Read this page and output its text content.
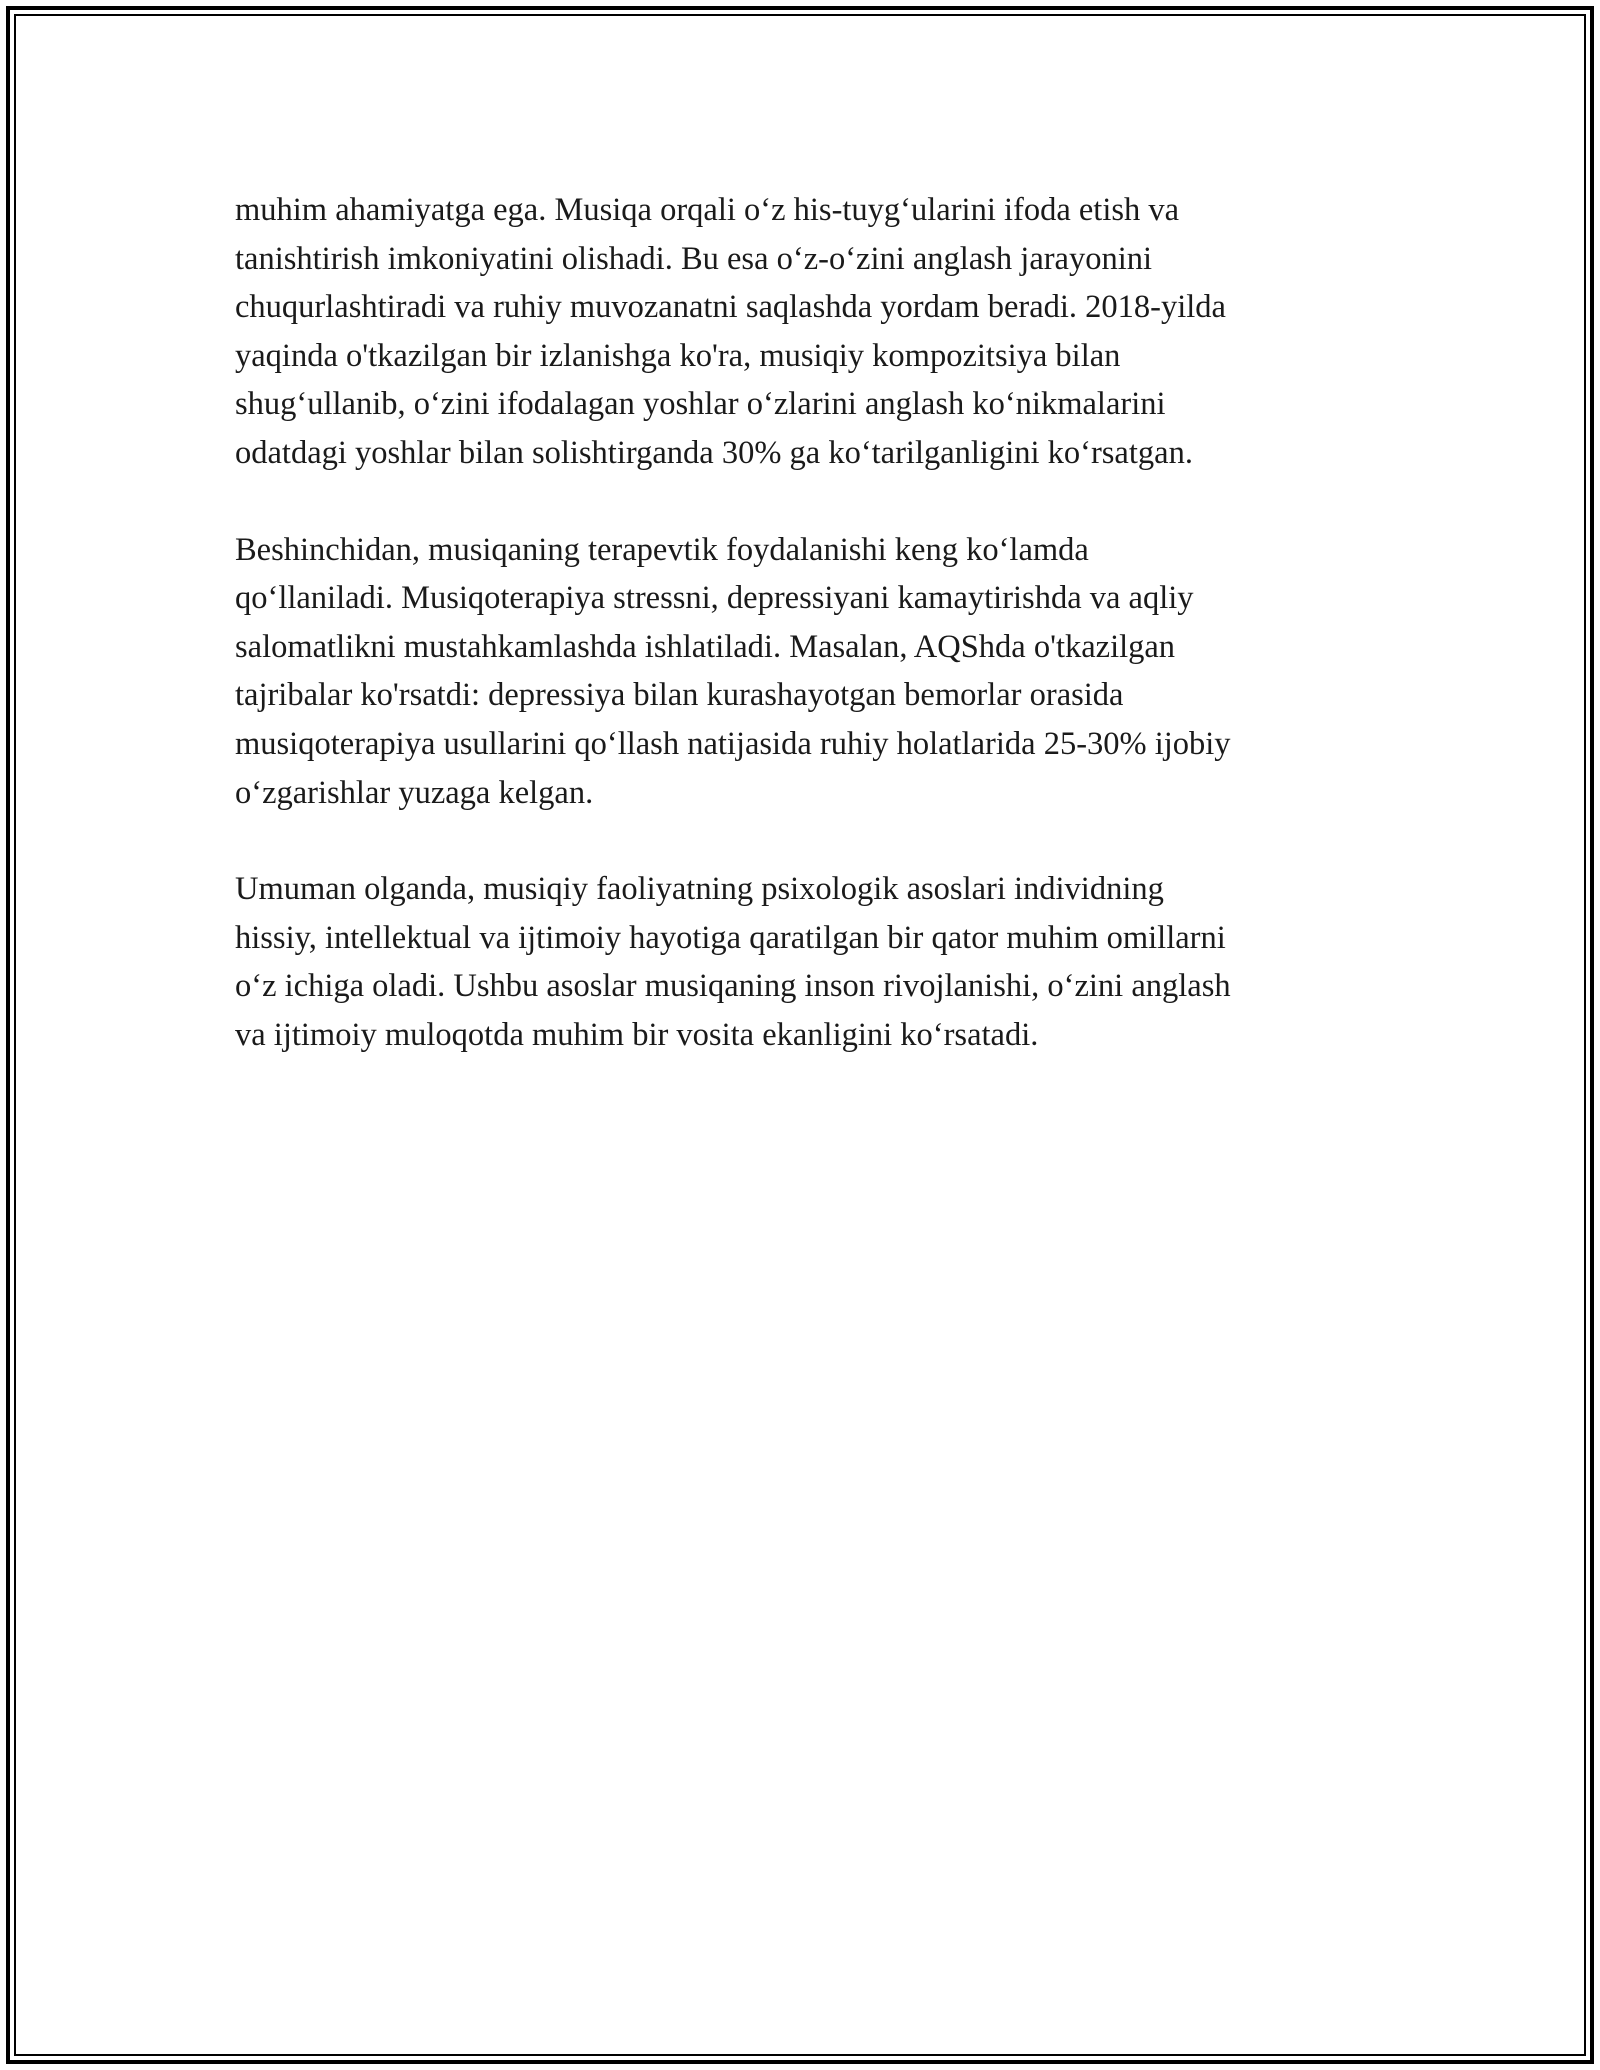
muhim ahamiyatga ega. Musiqa orqali o‘z his-tuyg‘ularini ifoda etish va
tanishtirish imkoniyatini olishadi. Bu esa o‘z-o‘zini anglash jarayonini
chuqurlashtiradi va ruhiy muvozanatni saqlashda yordam beradi. 2018-yilda
yaqinda o'tkazilgan bir izlanishga ko'ra, musiqiy kompozitsiya bilan
shug‘ullanib, o‘zini ifodalagan yoshlar o‘zlarini anglash ko‘nikmalarini
odatdagi yoshlar bilan solishtirganda 30% ga ko‘tarilganligini ko‘rsatgan.

Beshinchidan, musiqaning terapevtik foydalanishi keng ko‘lamda
qo‘llaniladi. Musiqoterapiya stressni, depressiyani kamaytirishda va aqliy
salomatlikni mustahkamlashda ishlatiladi. Masalan, AQShda o'tkazilgan
tajribalar ko'rsatdi: depressiya bilan kurashayotgan bemorlar orasida
musiqoterapiya usullarini qo‘llash natijasida ruhiy holatlarida 25-30% ijobiy
o‘zgarishlar yuzaga kelgan.

Umuman olganda, musiqiy faoliyatning psixologik asoslari individning
hissiy, intellektual va ijtimoiy hayotiga qaratilgan bir qator muhim omillarni
o‘z ichiga oladi. Ushbu asoslar musiqaning inson rivojlanishi, o‘zini anglash
va ijtimoiy muloqotda muhim bir vosita ekanligini ko‘rsatadi.
